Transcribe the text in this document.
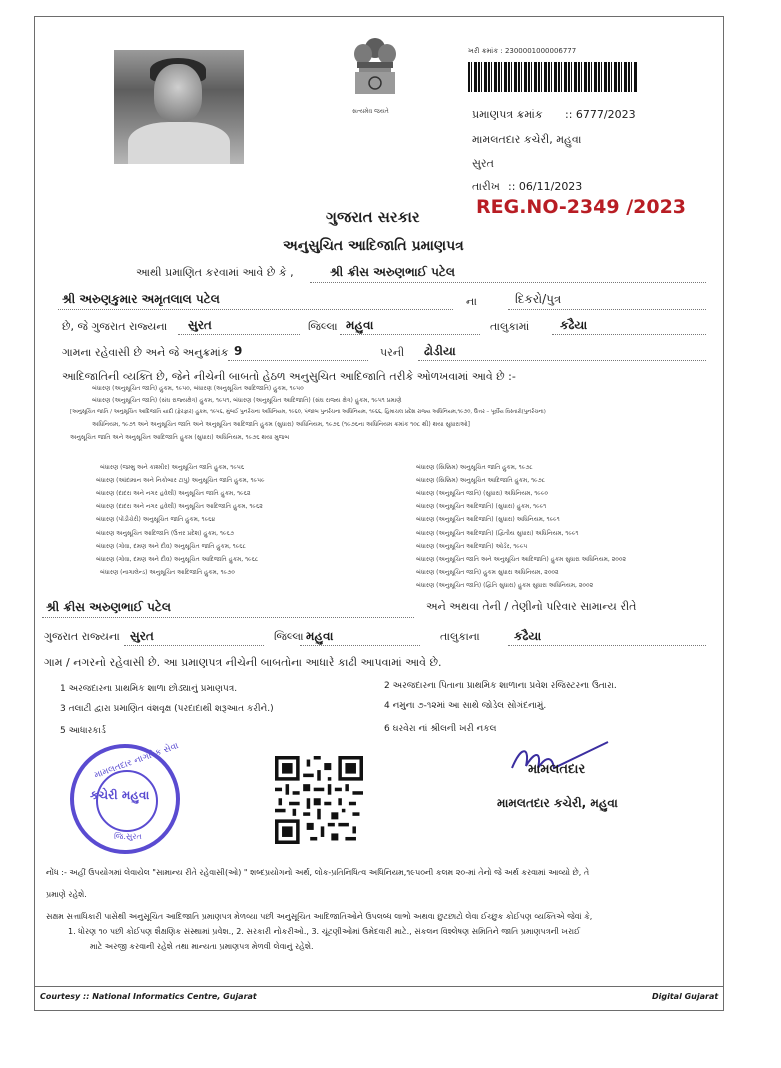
સત્યમેવ જયતે
ખરી ક્રમાંક : 2300001000006777
પ્રમાણપત્ર ક્રમાંક :: 6777/2023
મામલતદાર કચેરી, મહુવા
સુરત
તારીખ :: 06/11/2023
REG.NO-2349 /2023
ગુજરાત સરકાર
અનુસુચિત આદિજાતિ પ્રમાણપત્ર
આથી પ્રમાણિત કરવામાં આવે છે કે ,	શ્રી ક્રીસ અરુણભાઈ પટેલ
શ્રી અરુણકુમાર અમૃતલાલ પટેલ	ના	દિકરો/પુત્ર
છે, જે ગુજરાત રાજ્યના સુરત	જિલ્લા મહુવા	તાલુકામાં	કઢૈયા
ગામના રહેવાસી છે અને જે અનુક્રમાંક 9	પરની ઢોડીયા
આદિજાતિની વ્યક્તિ છે, જેને નીચેની બાબતો હેઠળ અનુસુચિત આદિજાતિ તરીકે ઓળખવામાં આવે છે :-
બંધારણ (અનુસૂચિત જાતિ) હુકમ, ૧૯૫૦, બંધારણ (અનુસૂચિત આદિજાતિ) હુકમ, ૧૯૫૦
બંધારણ (અનુસૂચિત જાતિ) (સંઘ રાજ્યક્ષેત્ર) હુકમ, ૧૯૫૧, બંધારણ (અનુસૂચિત આદિજાતિ) (સંઘ રાજ્ય ક્ષેત્ર) હુકમ, ૧૯૫૧ પ્રમાણે
[અનુસૂચિત જાતિ / અનુસૂચિત આદિજાતિ યાદી (ફેરફાર) હુકમ, ૧૯૫૬, મુંબઈ પુનર્રચના અધિનિયમ, ૧૯૬૦, પંજાબ પુનર્રચના અધિનિયમ, ૧૯૬૬, હિમાચલ પ્રદેશ રાજ્ય અધિનિયમ,૧૯૭૦, ઉત્તર – પૂર્વીય વિસ્તારો(પુનર્રચના)
અધિનિયમ, ૧૯૭૧ અને અનુસૂચિત જાતિ અને અનુસૂચિત આદિજાતિ હુકમ (સુધારા) અધિનિયમ, ૧૯૭૬ (૧૯૭૬ના અધિનિયમ ક્રમાંક ૧૦૮ થી) થયા સુધારાઓ]
અનુસૂચિત જાતિ અને અનુસૂચિત આદિજાતિ હુકમ (સુધારા) અધિનિયમ, ૧૯૭૬ થયા મુજબ
બંધારણ (જમ્મુ અને કાશ્મીર) અનુસૂચિત જાતિ હુકમ, ૧૯૫૬
બંધારણ (આંદામાન અને નિકોબાર ટાપુ) અનુસૂચિત જાતિ હુકમ, ૧૯૫૯
બંધારણ (દાદરા અને નગર હવેલી) અનુસૂચિત જાતિ હુકમ, ૧૯૬૨
બંધારણ (દાદરા અને નગર હવેલી) અનુસૂચિત આદિજાતિ હુકમ, ૧૯૬૨
બંધારણ (પોંડીચેરી) અનુસૂચિત જાતિ હુકમ, ૧૯૬૪
બંધારણ અનુસૂચિત આદિજાતિ (ઉત્તર પ્રદેશ) હુકમ, ૧૯૬૭
બંધારણ (ગોવા, દમણ અને દીવ) અનુસૂચિત જાતિ હુકમ, ૧૯૬૮
બંધારણ (ગોવા, દમણ અને દીવ) અનુસૂચિત આદિજાતિ હુકમ, ૧૯૬૮
બંધારણ (નાગાલેન્ડ) અનુસૂચિત આદિજાતિ હુકમ, ૧૯૭૦
બંધારણ (સિક્કિમ) અનુસૂચિત જાતિ હુકમ, ૧૯૭૮
બંધારણ (સિક્કિમ) અનુસૂચિત આદિજાતિ હુકમ, ૧૯૭૮
બંધારણ (અનુસૂચિત જાતિ) (સુધારા) અધિનિયમ, ૧૯૯૦
બંધારણ (અનુસૂચિત આદિજાતિ) (સુધારા) હુકમ, ૧૯૯૧
બંધારણ (અનુસૂચિત આદિજાતિ) (સુધારા) અધિનિયમ, ૧૯૯૧
બંધારણ (અનુસૂચિત આદિજાતિ) (દ્વિતીય સુધારા) અધિનિયમ, ૧૯૯૧
બંધારણ (અનુસૂચિત આદિજાતિ) ઓર્ડર, ૧૯૯૫
બંધારણ (અનુસૂચિત જાતિ અને અનુસૂચિત આદિજાતિ) હુકમ સુધારા અધિનિયમ, ૨૦૦૨
બંધારણ (અનુસૂચિત જાતિ) હુકમ સુધારા અધિનિયમ, ૨૦૦૨
બંધારણ (અનુસૂચિત જાતિ) (દ્વિતિ સુધારા) હુકમ સુધારા અધિનિયમ, ૨૦૦૨
શ્રી ક્રીસ અરુણભાઈ પટેલ	અને અથવા તેની / તેણીનો પરિવાર સામાન્ય રીતે
ગુજરાત રાજ્યના સુરત	જિલ્લા મહુવા	તાલુકાના	કઢૈયા
ગામ / નગરનો રહેવાસી છે. આ પ્રમાણપત્ર નીચેની બાબતોના આધારે કાઢી આપવામાં આવે છે.
1 અરજદારના પ્રાથમિક શાળા છોડ્યાનું પ્રમાણપત્ર.	2 અરજદારના પિતાના પ્રાથમિક શાળાના પ્રવેશ રજિસ્ટરના ઉતારા.
3 તલાટી દ્વારા પ્રમાણિત વંશવૃક્ષ (પરદાદાથી શરૂઆત કરીને.)	4 નમુના ૭-૧૨માં આ સાથે જોડેલ સોગંદનામું.
5 આધારકાર્ડ	6 ઘરવેરા નાં શ્રીલની ખરી નકલ
મામલતદાર નાગરિક સેવા
કચેરી મહુવા
જિ.સુરત
મામલતદાર
મામલતદાર કચેરી, મહુવા
નોંધ :- અહીં ઉપયોગમાં લેવાયેલ "સામાન્ય રીતે રહેવાસી(ઓ) " શબ્દપ્રયોગનો અર્થ, લોક-પ્રતિનિધિત્વ અધિનિયમ,૧૯૫૦ની કલમ ૨૦-માં તેનો જે અર્થ કરવામાં આવ્યો છે, તે
પ્રમાણે રહેશે.
સક્ષમ સત્તાધિકારી પાસેથી અનુસૂચિત આદિજાતિ પ્રમાણપત્ર મેળવ્યા પછી અનુસૂચિત આદિજાતિઓને ઉપલબ્ધ લાભો અથવા છુટછાટો લેવા ઈચ્છુક કોઈપણ વ્યક્તિએ જેવાં કે,
1. ધોરણ ૧૦ પછી કોઈપણ શૈક્ષણિક સંસ્થામાં પ્રવેશ., 2. સરકારી નોકરીઓ., 3. ચૂંટણીઓમાં ઉમેદવારી માટે., સંકલન વિશ્લેષણ સમિતિને જાતિ પ્રમાણપત્રની ખરાઈ
માટે અરજી કરવાની રહેશે તથા માન્યતા પ્રમાણપત્ર મેળવી લેવાનું રહેશે.
Courtesy :: National Informatics Centre, Gujarat	Digital Gujarat
